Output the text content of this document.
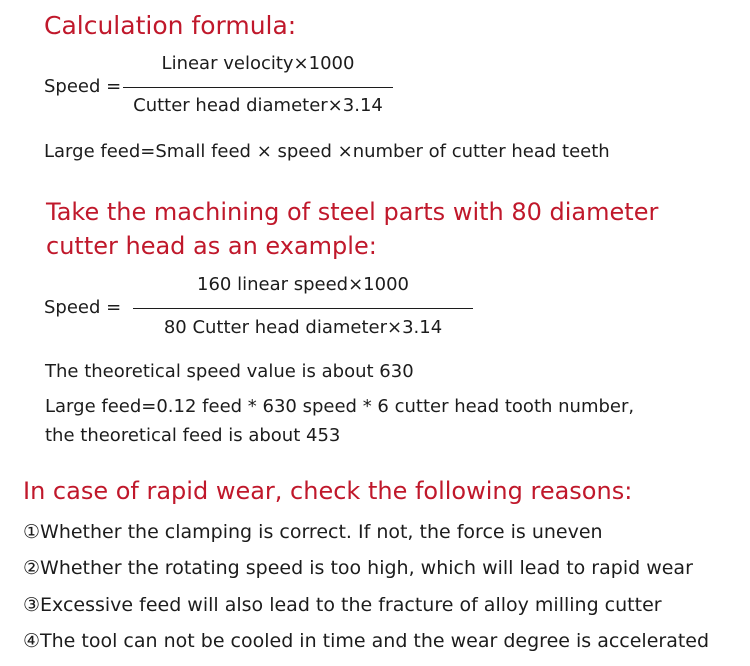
Calculation formula:
Speed =
Linear velocity×1000
Cutter head diameter×3.14
Large feed=Small feed × speed ×number of cutter head teeth
Take the machining of steel parts with 80 diameter
cutter head as an example:
Speed =
160 linear speed×1000
80 Cutter head diameter×3.14
The theoretical speed value is about 630
Large feed=0.12 feed * 630 speed * 6 cutter head tooth number,
the theoretical feed is about 453
In case of rapid wear, check the following reasons:
①Whether the clamping is correct. If not, the force is uneven
②Whether the rotating speed is too high, which will lead to rapid wear
③Excessive feed will also lead to the fracture of alloy milling cutter
④The tool can not be cooled in time and the wear degree is accelerated
